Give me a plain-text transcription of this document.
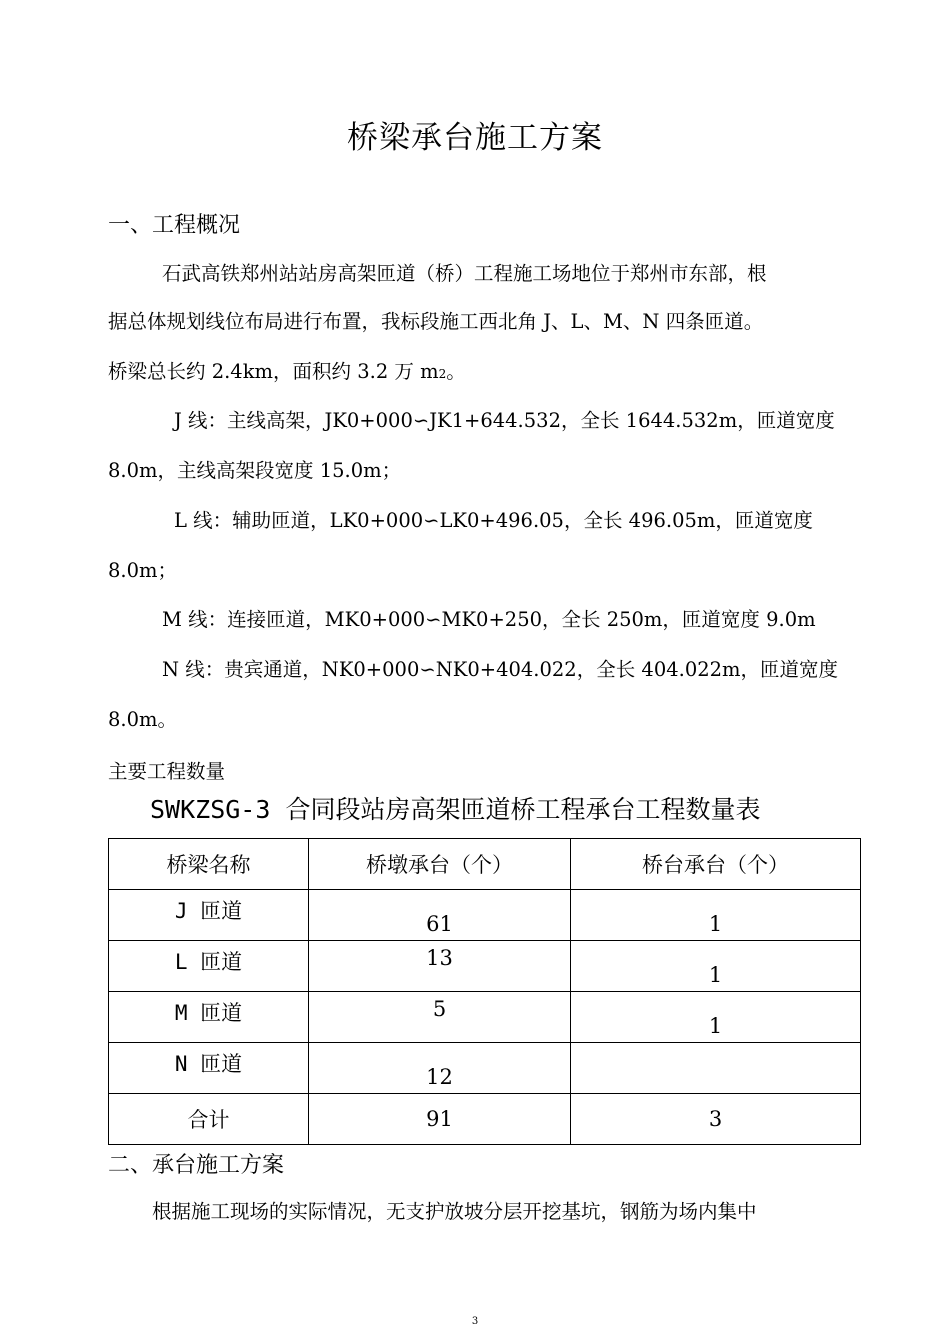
桥梁承台施工方案
一、工程概况
石武高铁郑州站站房高架匝道（桥）工程施工场地位于郑州市东部，根
据总体规划线位布局进行布置，我标段施工西北角 J、L、M、N 四条匝道。
桥梁总长约 2.4km，面积约 3.2 万 m2。
J 线：主线高架，JK0+000∽JK1+644.532，全长 1644.532m，匝道宽度
8.0m，主线高架段宽度 15.0m；
L 线：辅助匝道，LK0+000∽LK0+496.05，全长 496.05m，匝道宽度
8.0m；
M 线：连接匝道，MK0+000∽MK0+250，全长 250m，匝道宽度 9.0m
N 线：贵宾通道，NK0+000∽NK0+404.022，全长 404.022m，匝道宽度
8.0m。
主要工程数量
SWKZSG-3 合同段站房高架匝道桥工程承台工程数量表
桥梁名称	桥墩承台（个）	桥台承台（个）
J 匝道	61	1
L 匝道	13	1
M 匝道	5	1
N 匝道	12	
合计	91	3
二、承台施工方案
根据施工现场的实际情况，无支护放坡分层开挖基坑，钢筋为场内集中
3
